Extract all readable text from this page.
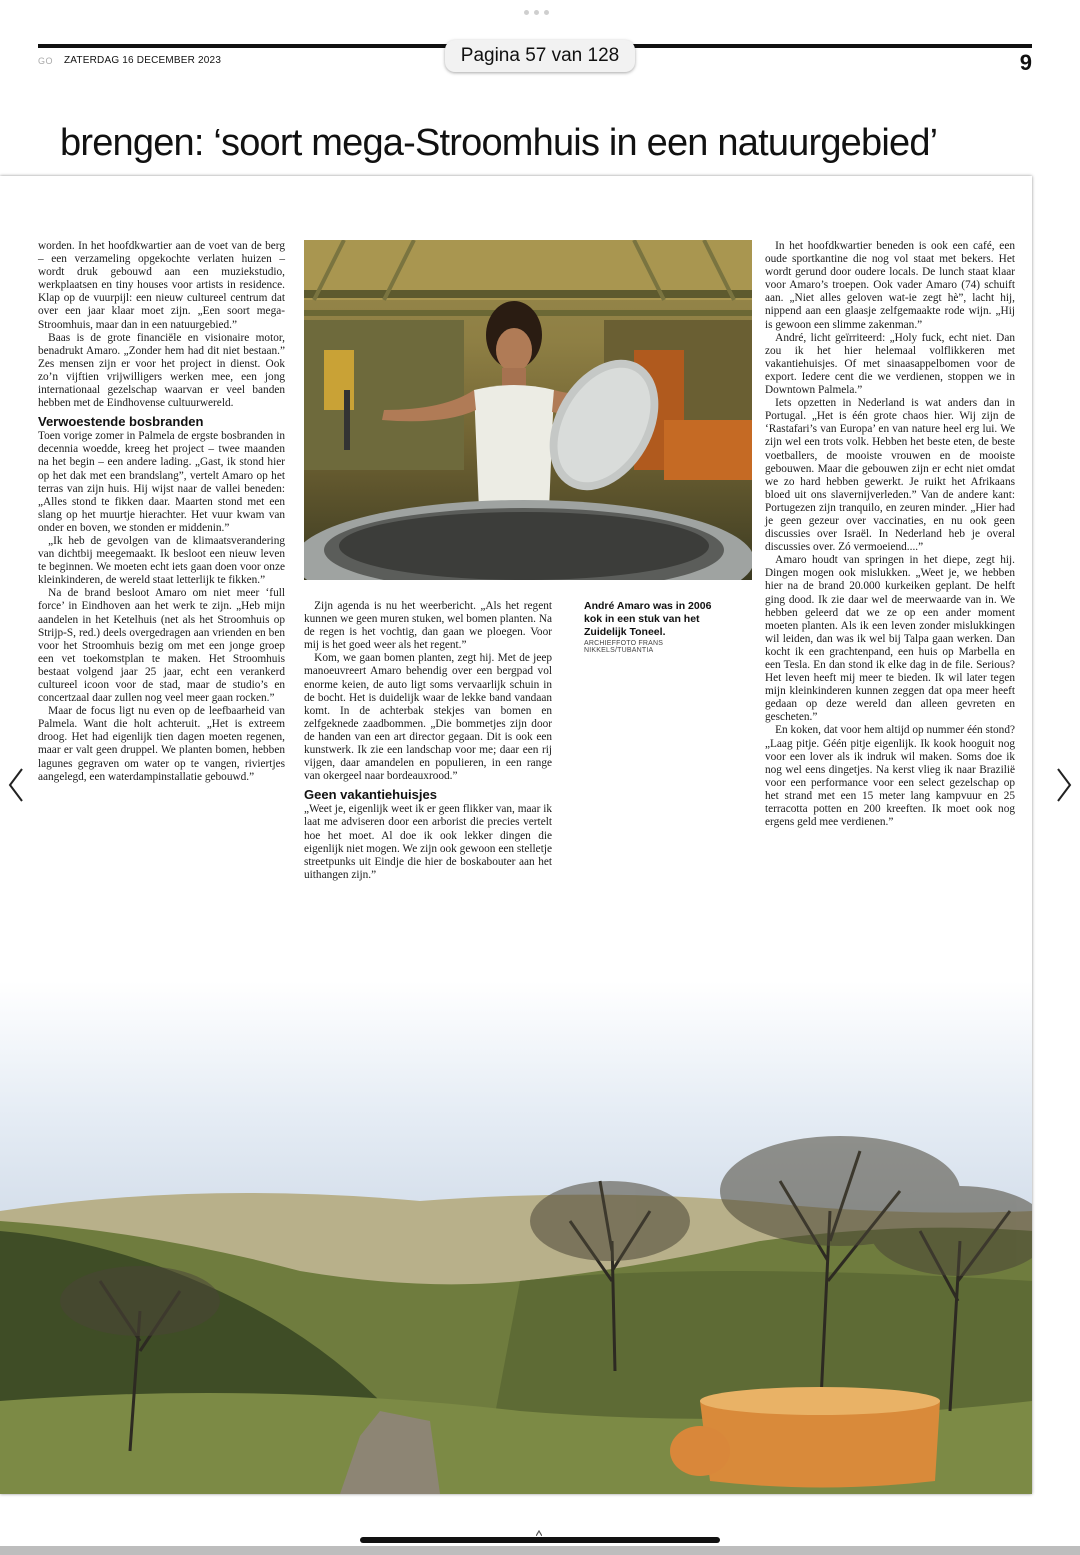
GO ZATERDAG 16 DECEMBER 2023	9
Pagina 57 van 128
brengen: ‘soort mega-Stroomhuis in een natuurgebied’

worden. In het hoofdkwartier aan de voet van de berg – een verzameling opgekochte verlaten huizen – wordt druk gebouwd aan een muziekstudio, werkplaatsen en tiny houses voor artists in residence. Klap op de vuurpijl: een nieuw cultureel centrum dat over een jaar klaar moet zijn. „Een soort mega-Stroomhuis, maar dan in een natuurgebied.”

Baas is de grote financiële en visionaire motor, benadrukt Amaro. „Zonder hem had dit niet bestaan.” Zes mensen zijn er voor het project in dienst. Ook zo’n vijftien vrijwilligers werken mee, een jong internationaal gezelschap waarvan er veel banden hebben met de Eindhovense cultuurwereld.

Verwoestende bosbranden

Toen vorige zomer in Palmela de ergste bosbranden in decennia woedde, kreeg het project – twee maanden na het begin – een andere lading. „Gast, ik stond hier op het dak met een brandslang”, vertelt Amaro op het terras van zijn huis. Hij wijst naar de vallei beneden: „Alles stond te fikken daar. Maarten stond met een slang op het muurtje hierachter. Het vuur kwam van onder en boven, we stonden er middenin.”

„Ik heb de gevolgen van de klimaatsverandering van dichtbij meegemaakt. Ik besloot een nieuw leven te beginnen. We moeten echt iets gaan doen voor onze kleinkinderen, de wereld staat letterlijk te fikken.”

Na de brand besloot Amaro om niet meer ‘full force’ in Eindhoven aan het werk te zijn. „Heb mijn aandelen in het Ketelhuis (net als het Stroomhuis op Strijp-S, red.) deels overgedragen aan vrienden en ben voor het Stroomhuis bezig om met een jonge groep een vet toekomstplan te maken. Het Stroomhuis bestaat volgend jaar 25 jaar, echt een verankerd cultureel icoon voor de stad, maar de studio’s en concertzaal daar zullen nog veel meer gaan rocken.”

Maar de focus ligt nu even op de leefbaarheid van Palmela. Want die holt achteruit. „Het is extreem droog. Het had eigenlijk tien dagen moeten regenen, maar er valt geen druppel. We planten bomen, hebben lagunes gegraven om water op te vangen, riviertjes aangelegd, een waterdampinstallatie gebouwd.”

Zijn agenda is nu het weerbericht. „Als het regent kunnen we geen muren stuken, wel bomen planten. Na de regen is het vochtig, dan gaan we ploegen. Voor mij is het goed weer als het regent.”

Kom, we gaan bomen planten, zegt hij. Met de jeep manoeuvreert Amaro behendig over een bergpad vol enorme keien, de auto ligt soms vervaarlijk schuin in de bocht. Het is duidelijk waar de lekke band vandaan komt. In de achterbak stekjes van bomen en zelfgeknede zaadbommen. „Die bommetjes zijn door de handen van een art director gegaan. Dit is ook een kunstwerk. Ik zie een landschap voor me; daar een rij vijgen, daar amandelen en populieren, in een range van okergeel naar bordeauxrood.”

Geen vakantiehuisjes

„Weet je, eigenlijk weet ik er geen flikker van, maar ik laat me adviseren door een arborist die precies vertelt hoe het moet. Al doe ik ook lekker dingen die eigenlijk niet mogen. We zijn ook gewoon een stelletje streetpunks uit Eindje die hier de boskabouter aan het uithangen zijn.”

André Amaro was in 2006 kok in een stuk van het Zuidelijk Toneel.
ARCHIEFFOTO FRANS NIKKELS/TUBANTIA

In het hoofdkwartier beneden is ook een café, een oude sportkantine die nog vol staat met bekers. Het wordt gerund door oudere locals. De lunch staat klaar voor Amaro’s troepen. Ook vader Amaro (74) schuift aan. „Niet alles geloven wat-ie zegt hè”, lacht hij, nippend aan een glaasje zelfgemaakte rode wijn. „Hij is gewoon een slimme zakenman.”

André, licht geïrriteerd: „Holy fuck, echt niet. Dan zou ik het hier helemaal volflikkeren met vakantiehuisjes. Of met sinaasappelbomen voor de export. Iedere cent die we verdienen, stoppen we in Downtown Palmela.”

Iets opzetten in Nederland is wat anders dan in Portugal. „Het is één grote chaos hier. Wij zijn de ‘Rastafari’s van Europa’ en van nature heel erg lui. We zijn wel een trots volk. Hebben het beste eten, de beste voetballers, de mooiste vrouwen en de mooiste gebouwen. Maar die gebouwen zijn er echt niet omdat we zo hard hebben gewerkt. Je ruikt het Afrikaans bloed uit ons slavernijverleden.” Van de andere kant: Portugezen zijn tranquilo, en zeuren minder. „Hier had je geen gezeur over vaccinaties, en nu ook geen discussies over Israël. In Nederland heb je overal discussies over. Zó vermoeiend....”

Amaro houdt van springen in het diepe, zegt hij. Dingen mogen ook mislukken. „Weet je, we hebben hier na de brand 20.000 kurkeiken geplant. De helft ging dood. Ik zie daar wel de meerwaarde van in. We hebben geleerd dat we ze op een ander moment moeten planten. Als ik een leven zonder mislukkingen wil leiden, dan was ik wel bij Talpa gaan werken. Dan kocht ik een grachtenpand, een huis op Marbella en een Tesla. En dan stond ik elke dag in de file. Serious? Het leven heeft mij meer te bieden. Ik wil later tegen mijn kleinkinderen kunnen zeggen dat opa meer heeft gedaan op deze wereld dan alleen gevreten en gescheten.”

En koken, dat voor hem altijd op nummer één stond? „Laag pitje. Géén pitje eigenlijk. Ik kook hooguit nog voor een lover als ik indruk wil maken. Soms doe ik nog wel eens dingetjes. Na kerst vlieg ik naar Brazilië voor een performance voor een select gezelschap op het strand met een 15 meter lang kampvuur en 25 terracotta potten en 200 kreeften. Ik moet ook nog ergens geld mee verdienen.”
